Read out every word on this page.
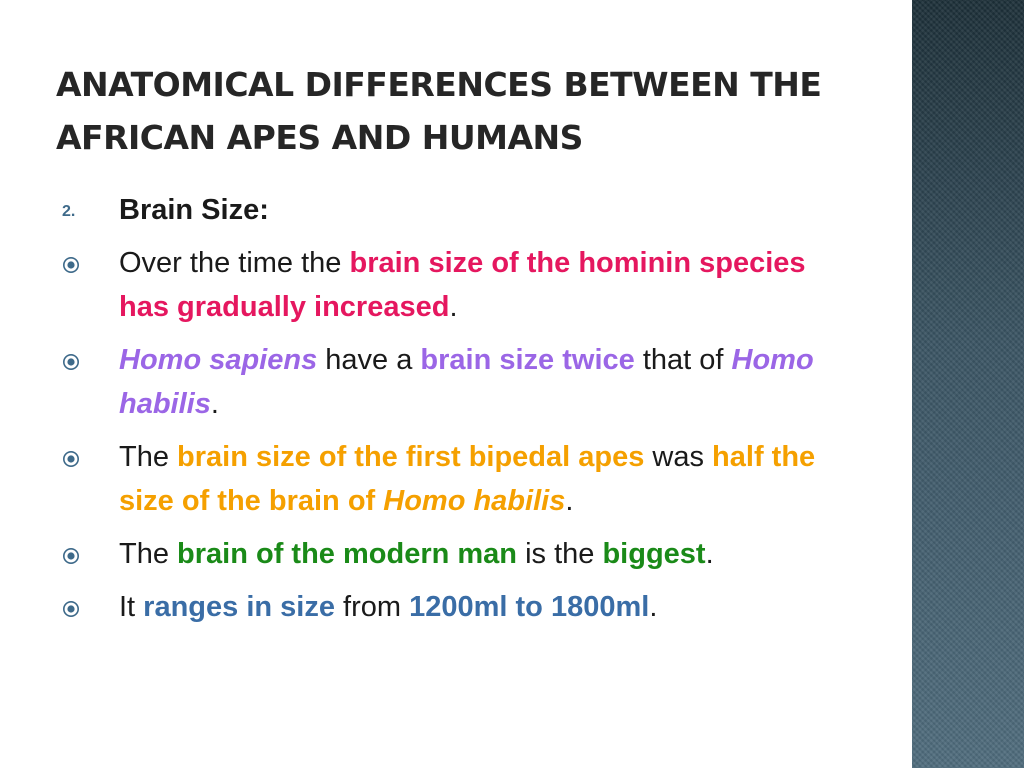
ANATOMICAL DIFFERENCES BETWEEN THE
AFRICAN APES AND HUMANS
2. Brain Size:
Over the time the brain size of the hominin species has gradually increased.
Homo sapiens have a brain size twice that of Homo habilis.
The brain size of the first bipedal apes was half the size of the brain of Homo habilis.
The brain of the modern man is the biggest.
It ranges in size from 1200ml to 1800ml.
